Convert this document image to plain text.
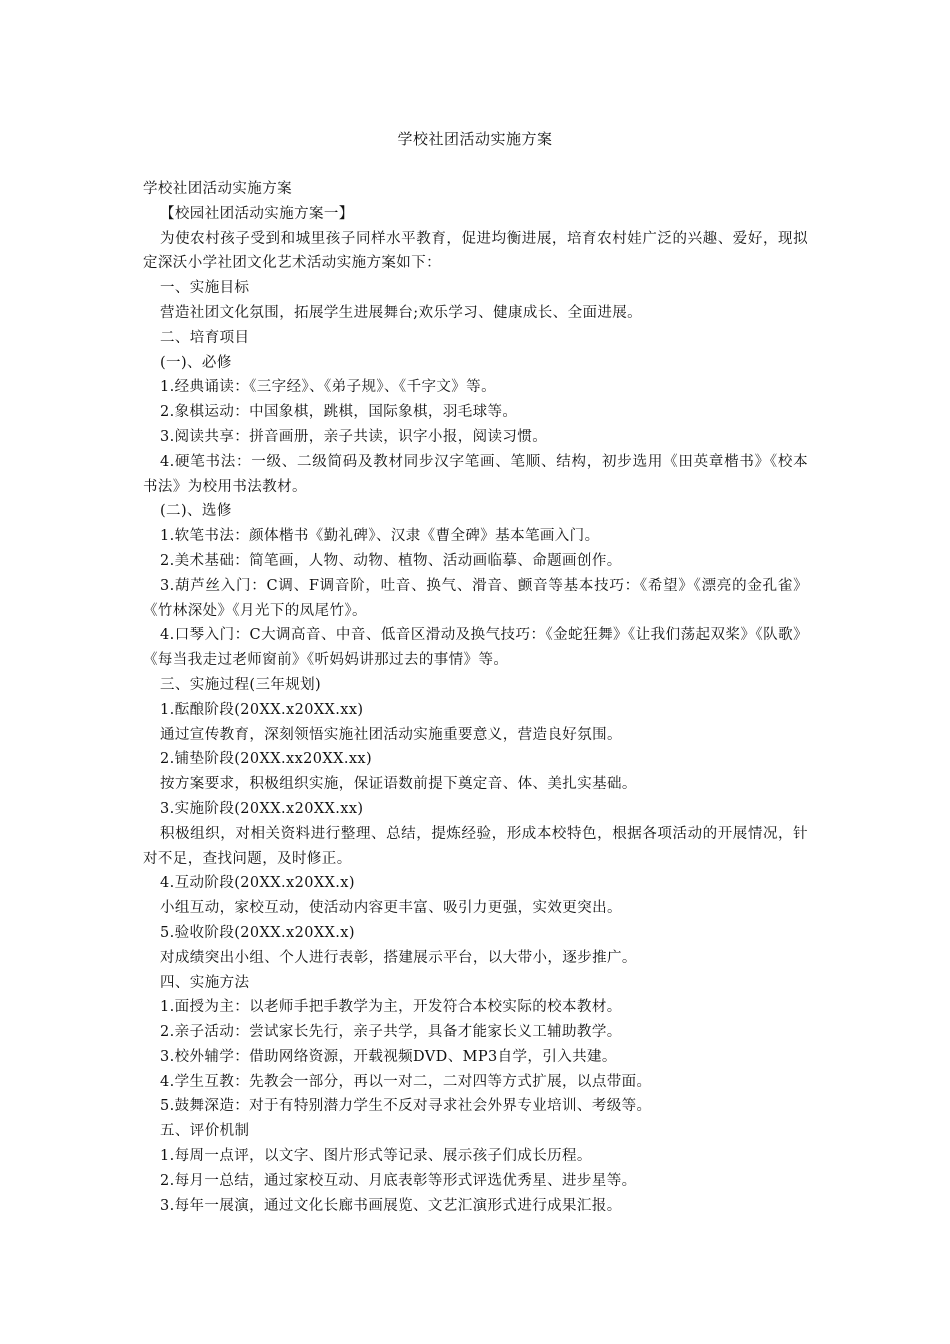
学校社团活动实施方案
学校社团活动实施方案
【校园社团活动实施方案一】
为使农村孩子受到和城里孩子同样水平教育，促进均衡进展，培育农村娃广泛的兴趣、爱好，现拟定深沃小学社团文化艺术活动实施方案如下：
一、实施目标
营造社团文化氛围，拓展学生进展舞台;欢乐学习、健康成长、全面进展。
二、培育项目
(一)、必修
1.经典诵读：《三字经》、《弟子规》、《千字文》等。
2.象棋运动：中国象棋，跳棋，国际象棋，羽毛球等。
3.阅读共享：拼音画册，亲子共读，识字小报，阅读习惯。
4.硬笔书法：一级、二级简码及教材同步汉字笔画、笔顺、结构，初步选用《田英章楷书》《校本书法》为校用书法教材。
(二)、选修
1.软笔书法：颜体楷书《勤礼碑》、汉隶《曹全碑》基本笔画入门。
2.美术基础：简笔画，人物、动物、植物、活动画临摹、命题画创作。
3.葫芦丝入门：C调、F调音阶，吐音、换气、滑音、颤音等基本技巧：《希望》《漂亮的金孔雀》《竹林深处》《月光下的凤尾竹》。
4.口琴入门：C大调高音、中音、低音区滑动及换气技巧：《金蛇狂舞》《让我们荡起双桨》《队歌》《每当我走过老师窗前》《听妈妈讲那过去的事情》等。
三、实施过程(三年规划)
1.酝酿阶段(20XX.x20XX.xx)
通过宣传教育，深刻领悟实施社团活动实施重要意义，营造良好氛围。
2.铺垫阶段(20XX.xx20XX.xx)
按方案要求，积极组织实施，保证语数前提下奠定音、体、美扎实基础。
3.实施阶段(20XX.x20XX.xx)
积极组织，对相关资料进行整理、总结，提炼经验，形成本校特色，根据各项活动的开展情况，针对不足，查找问题，及时修正。
4.互动阶段(20XX.x20XX.x)
小组互动，家校互动，使活动内容更丰富、吸引力更强，实效更突出。
5.验收阶段(20XX.x20XX.x)
对成绩突出小组、个人进行表彰，搭建展示平台，以大带小，逐步推广。
四、实施方法
1.面授为主：以老师手把手教学为主，开发符合本校实际的校本教材。
2.亲子活动：尝试家长先行，亲子共学，具备才能家长义工辅助教学。
3.校外辅学：借助网络资源，开载视频DVD、MP3自学，引入共建。
4.学生互教：先教会一部分，再以一对二，二对四等方式扩展，以点带面。
5.鼓舞深造：对于有特别潜力学生不反对寻求社会外界专业培训、考级等。
五、评价机制
1.每周一点评，以文字、图片形式等记录、展示孩子们成长历程。
2.每月一总结，通过家校互动、月底表彰等形式评选优秀星、进步星等。
3.每年一展演，通过文化长廊书画展览、文艺汇演形式进行成果汇报。
